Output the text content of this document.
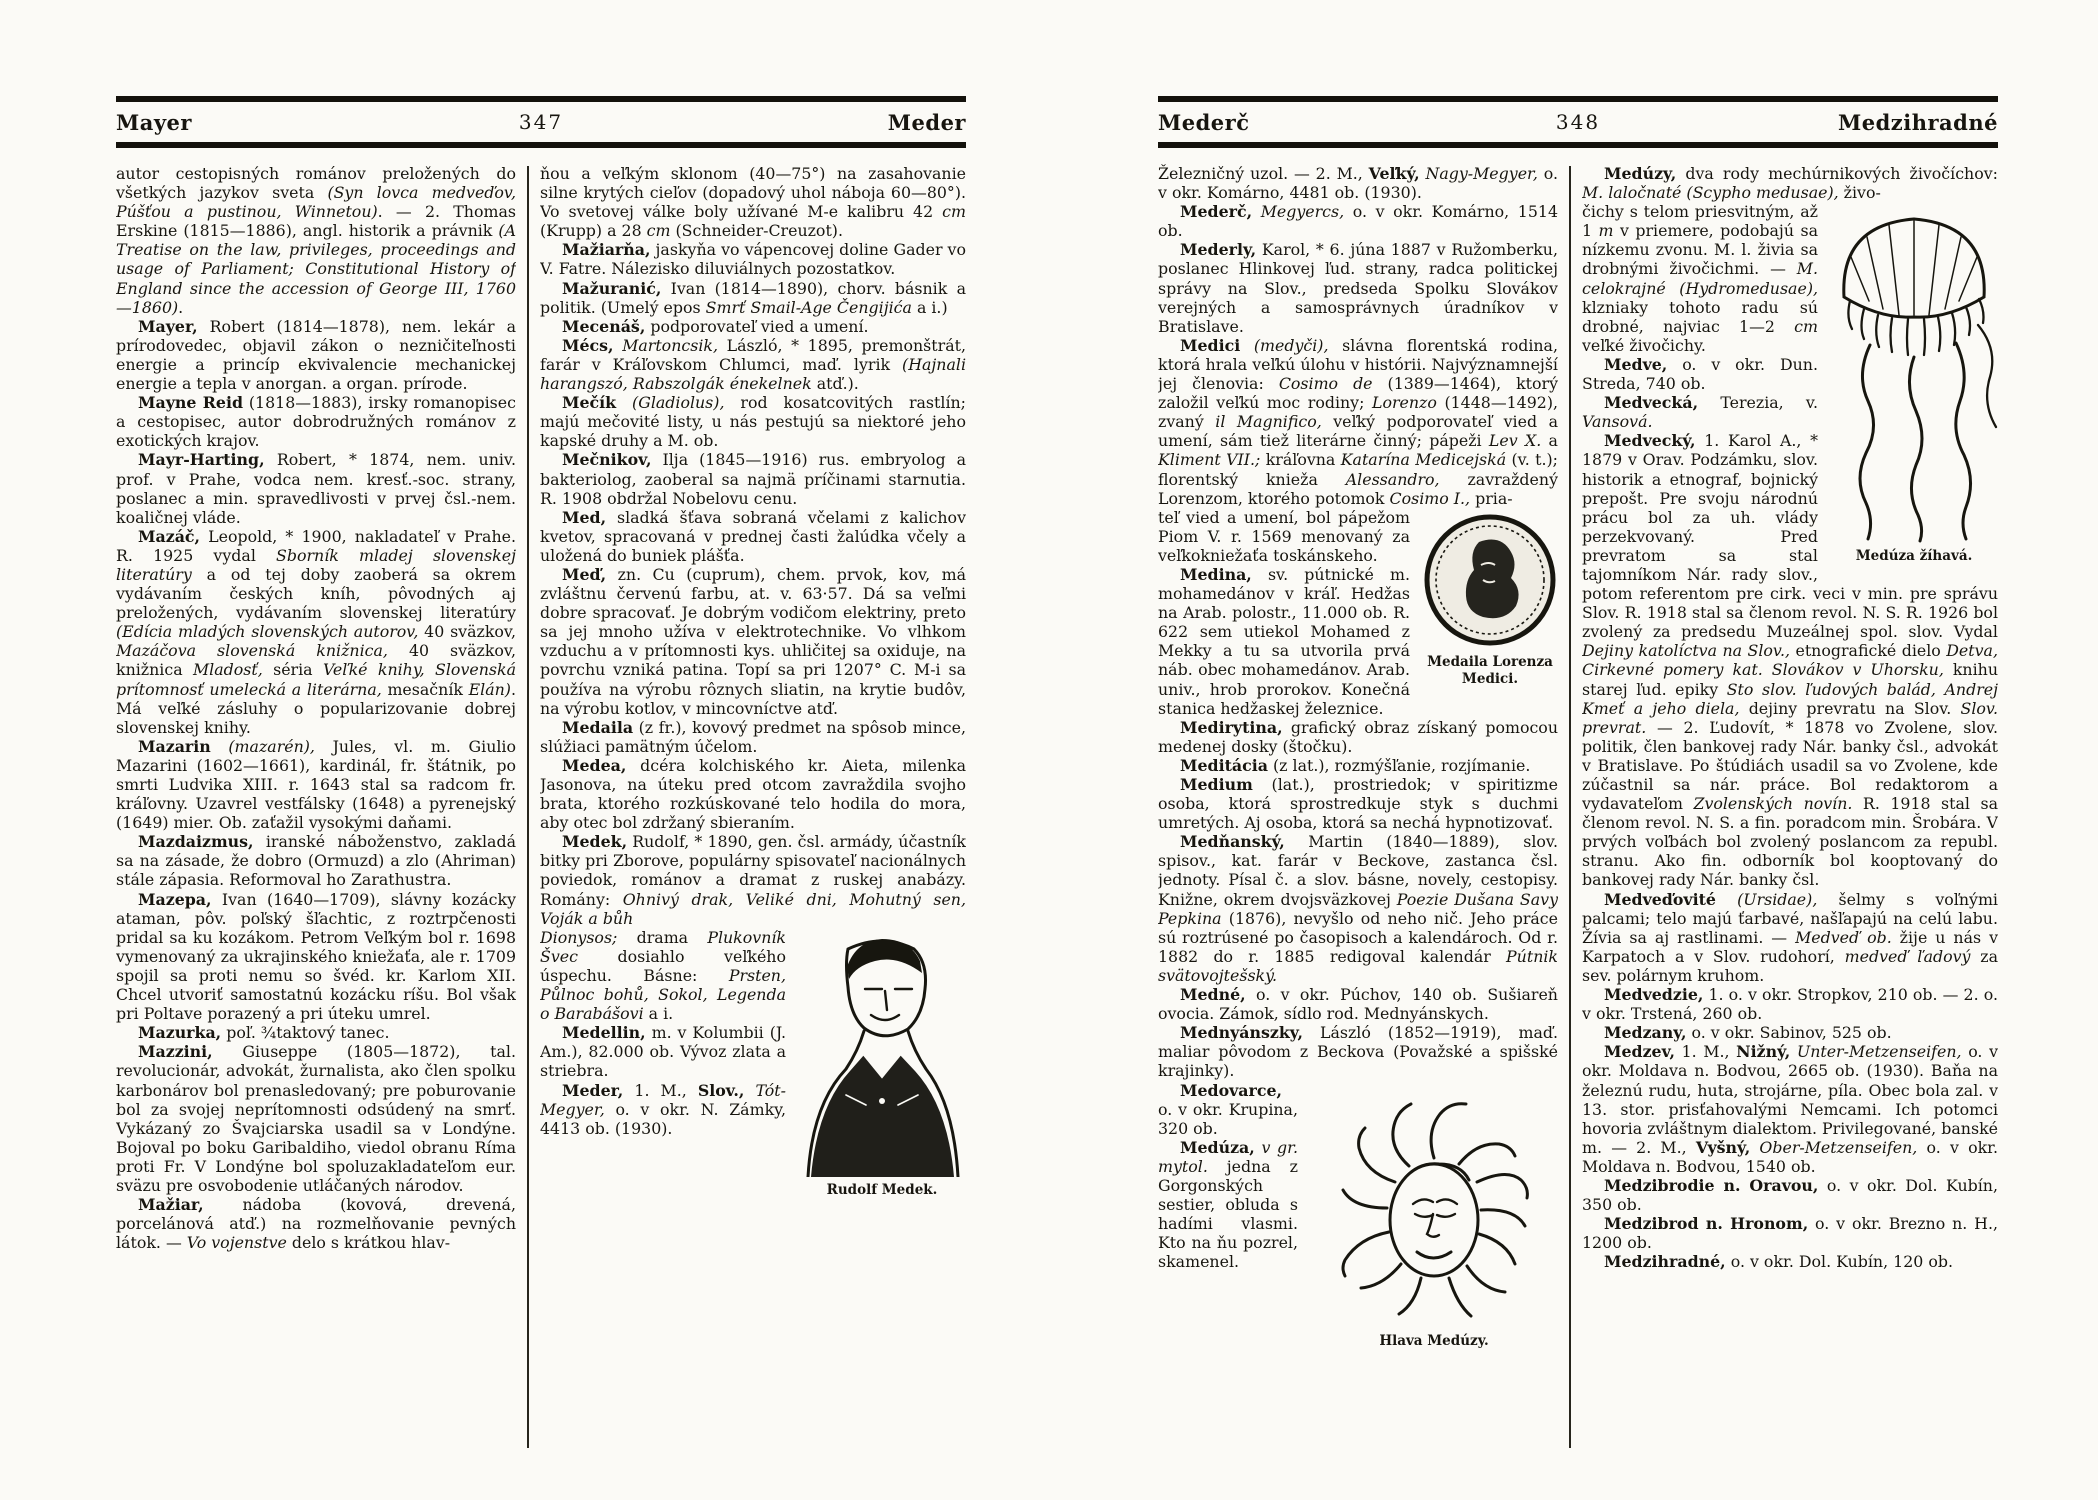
Mayer	347	Meder

autor cestopisných románov preložených do všetkých jazykov sveta (Syn lovca medveďov, Púšťou a pustinou, Winnetou). — 2. Thomas Erskine (1815—1886), angl. historik a právnik (A Treatise on the law, privileges, proceedings and usage of Parliament; Constitutional History of England since the accession of George III, 1760—1860).

Mayer, Robert (1814—1878), nem. lekár a prírodovedec, objavil zákon o nezničiteľnosti energie a princíp ekvivalencie mechanickej energie a tepla v anorgan. a organ. prírode.

Mayne Reid (1818—1883), irsky romanopisec a cestopisec, autor dobrodružných románov z exotických krajov.

Mayr-Harting, Robert, * 1874, nem. univ. prof. v Prahe, vodca nem. kresť.-soc. strany, poslanec a min. spravedlivosti v prvej čsl.-nem. koaličnej vláde.

Mazáč, Leopold, * 1900, nakladateľ v Prahe. R. 1925 vydal Sborník mladej slovenskej literatúry a od tej doby zaoberá sa okrem vydávaním českých kníh, pôvodných aj preložených, vydávaním slovenskej literatúry (Edícia mladých slovenských autorov, 40 sväzkov, Mazáčova slovenská knižnica, 40 sväzkov, knižnica Mladosť, séria Veľké knihy, Slovenská prítomnosť umelecká a literárna, mesačník Elán). Má veľké zásluhy o popularizovanie dobrej slovenskej knihy.

Mazarin (mazarén), Jules, vl. m. Giulio Mazarini (1602—1661), kardinál, fr. štátnik, po smrti Ludvika XIII. r. 1643 stal sa radcom fr. kráľovny. Uzavrel vestfálsky (1648) a pyrenejský (1649) mier. Ob. zaťažil vysokými daňami.

Mazdaizmus, iranské náboženstvo, zakladá sa na zásade, že dobro (Ormuzd) a zlo (Ahriman) stále zápasia. Reformoval ho Zarathustra.

Mazepa, Ivan (1640—1709), slávny kozácky ataman, pôv. poľský šľachtic, z roztrpčenosti pridal sa ku kozákom. Petrom Veľkým bol r. 1698 vymenovaný za ukrajinského kniežaťa, ale r. 1709 spojil sa proti nemu so švéd. kr. Karlom XII. Chcel utvoriť samostatnú kozácku ríšu. Bol však pri Poltave porazený a pri úteku umrel.

Mazurka, poľ. ¾taktový tanec.

Mazzini, Giuseppe (1805—1872), tal. revolucionár, advokát, žurnalista, ako člen spolku karbonárov bol prenasledovaný; pre poburovanie bol za svojej neprítomnosti odsúdený na smrť. Vykázaný zo Švajciarska usadil sa v Londýne. Bojoval po boku Garibaldiho, viedol obranu Ríma proti Fr. V Londýne bol spoluzakladateľom eur. sväzu pre osvobodenie utláčaných národov.

Mažiar, nádoba (kovová, drevená, porcelánová atď.) na rozmelňovanie pevných látok. — Vo vojenstve delo s krátkou hlav-

ňou a veľkým sklonom (40—75°) na zasahovanie silne krytých cieľov (dopadový uhol náboja 60—80°). Vo svetovej válke boly užívané M-e kalibru 42 cm (Krupp) a 28 cm (Schneider-Creuzot).

Mažiarňa, jaskyňa vo vápencovej doline Gader vo V. Fatre. Nálezisko diluviálnych pozostatkov.

Mažuranić, Ivan (1814—1890), chorv. básnik a politik. (Umelý epos Smrť Smail-Age Čengijića a i.)

Mecenáš, podporovateľ vied a umení.

Mécs, Martoncsik, László, * 1895, premonštrát, farár v Kráľovskom Chlumci, maď. lyrik (Hajnali harangszó, Rabszolgák énekelnek atď.).

Mečík (Gladiolus), rod kosatcovitých rastlín; majú mečovité listy, u nás pestujú sa niektoré jeho kapské druhy a M. ob.

Mečnikov, Ilja (1845—1916) rus. embryolog a bakteriolog, zaoberal sa najmä príčinami starnutia. R. 1908 obdržal Nobelovu cenu.

Med, sladká šťava sobraná včelami z kalichov kvetov, spracovaná v prednej časti žalúdka včely a uložená do buniek plášťa.

Meď, zn. Cu (cuprum), chem. prvok, kov, má zvláštnu červenú farbu, at. v. 63·57. Dá sa veľmi dobre spracovať. Je dobrým vodičom elektriny, preto sa jej mnoho užíva v elektrotechnike. Vo vlhkom vzduchu a v prítomnosti kys. uhličitej sa oxiduje, na povrchu vzniká patina. Topí sa pri 1207° C. M-i sa používa na výrobu rôznych sliatin, na krytie budôv, na výrobu kotlov, v mincovníctve atď.

Medaila (z fr.), kovový predmet na spôsob mince, slúžiaci pamätným účelom.

Medea, dcéra kolchiského kr. Aieta, milenka Jasonova, na úteku pred otcom zavraždila svojho brata, ktorého rozkúskované telo hodila do mora, aby otec bol zdržaný sbieraním.

Medek, Rudolf, * 1890, gen. čsl. armády, účastník bitky pri Zborove, populárny spisovateľ nacionálnych poviedok, románov a dramat z ruskej anabázy. Romány: Ohnivý drak, Veliké dni, Mohutný sen, Voják a bůh

Rudolf Medek.

Dionysos; drama Plukovník Švec dosiahlo veľkého úspechu. Básne: Prsten, Půlnoc bohů, Sokol, Legenda o Barabášovi a i.

Medellin, m. v Kolumbii (J. Am.), 82.000 ob. Vývoz zlata a striebra.

Meder, 1. M., Slov., Tót-Megyer, o. v okr. N. Zámky, 4413 ob. (1930).

Mederč	348	Medzihradné

Železničný uzol. — 2. M., Veľký, Nagy-Megyer, o. v okr. Komárno, 4481 ob. (1930).

Mederč, Megyercs, o. v okr. Komárno, 1514 ob.

Mederly, Karol, * 6. júna 1887 v Ružomberku, poslanec Hlinkovej ľud. strany, radca politickej správy na Slov., predseda Spolku Slovákov verejných a samosprávnych úradníkov v Bratislave.

Medici (medyči), slávna florentská rodina, ktorá hrala veľkú úlohu v histórii. Najvýznamnejší jej členovia: Cosimo de (1389—1464), ktorý založil veľkú moc rodiny; Lorenzo (1448—1492), zvaný il Magnifico, veľký podporovateľ vied a umení, sám tiež literárne činný; pápeži Lev X. a Kliment VII.; kráľovna Katarína Medicejská (v. t.); florentský knieža Alessandro, zavraždený Lorenzom, ktorého potomok Cosimo I., pria-

Medaila Lorenza Medici.

teľ vied a umení, bol pápežom Piom V. r. 1569 menovaný za veľkokniežaťa toskánskeho.

Medina, sv. pútnické m. mohamedánov v kráľ. Hedžas na Arab. polostr., 11.000 ob. R. 622 sem utiekol Mohamed z Mekky a tu sa utvorila prvá náb. obec mohamedánov. Arab. univ., hrob prorokov. Konečná stanica hedžaskej železnice.

Medirytina, grafický obraz získaný pomocou medenej dosky (štočku).

Meditácia (z lat.), rozmýšľanie, rozjímanie.

Medium (lat.), prostriedok; v spiritizme osoba, ktorá sprostredkuje styk s duchmi umretých. Aj osoba, ktorá sa nechá hypnotizovať.

Medňanský, Martin (1840—1889), slov. spisov., kat. farár v Beckove, zastanca čsl. jednoty. Písal č. a slov. básne, novely, cestopisy. Knižne, okrem dvojsväzkovej Poezie Dušana Savy Pepkina (1876), nevyšlo od neho nič. Jeho práce sú roztrúsené po časopisoch a kalendároch. Od r. 1882 do r. 1885 redigoval kalendár Pútnik svätovojtešský.

Medné, o. v okr. Púchov, 140 ob. Sušiareň ovocia. Zámok, sídlo rod. Mednyánskych.

Mednyánszky, László (1852—1919), maď. maliar pôvodom z Beckova (Považské a spišské krajinky).

Hlava Medúzy.

Medovarce, o. v okr. Krupina, 320 ob.

Medúza, v gr. mytol. jedna z Gorgonských sestier, obluda s hadími vlasmi. Kto na ňu pozrel, skamenel.

Medúzy, dva rody mechúrnikových živočíchov: M. laločnaté (Scypho medusae), živo-

Medúza žíhavá.

čichy s telom priesvitným, až 1 m v priemere, podobajú sa nízkemu zvonu. M. l. živia sa drobnými živočichmi. — M. celokrajné (Hydromedusae), klzniaky tohoto radu sú drobné, najviac 1—2 cm veľké živočichy.

Medve, o. v okr. Dun. Streda, 740 ob.

Medvecká, Terezia, v. Vansová.

Medvecký, 1. Karol A., * 1879 v Orav. Podzámku, slov. historik a etnograf, bojnický prepošt. Pre svoju národnú prácu bol za uh. vlády perzekvovaný. Pred prevratom sa stal tajomníkom Nár. rady slov., potom referentom pre cirk. veci v min. pre správu Slov. R. 1918 stal sa členom revol. N. S. R. 1926 bol zvolený za predsedu Muzeálnej spol. slov. Vydal Dejiny katolíctva na Slov., etnografické dielo Detva, Cirkevné pomery kat. Slovákov v Uhorsku, knihu starej ľud. epiky Sto slov. ľudových balád, Andrej Kmeť a jeho diela, dejiny prevratu na Slov. Slov. prevrat. — 2. Ľudovít, * 1878 vo Zvolene, slov. politik, člen bankovej rady Nár. banky čsl., advokát v Bratislave. Po štúdiách usadil sa vo Zvolene, kde zúčastnil sa nár. práce. Bol redaktorom a vydavateľom Zvolenských novín. R. 1918 stal sa členom revol. N. S. a fin. poradcom min. Šrobára. V prvých voľbách bol zvolený poslancom za republ. stranu. Ako fin. odborník bol kooptovaný do bankovej rady Nár. banky čsl.

Medveďovité (Ursidae), šelmy s voľnými palcami; telo majú ťarbavé, našľapajú na celú labu. Žívia sa aj rastlinami. — Medveď ob. žije u nás v Karpatoch a v Slov. rudohorí, medveď ľadový za sev. polárnym kruhom.

Medvedzie, 1. o. v okr. Stropkov, 210 ob. — 2. o. v okr. Trstená, 260 ob.

Medzany, o. v okr. Sabinov, 525 ob.

Medzev, 1. M., Nižný, Unter-Metzenseifen, o. v okr. Moldava n. Bodvou, 2665 ob. (1930). Baňa na železnú rudu, huta, strojárne, píla. Obec bola zal. v 13. stor. prisťahovalými Nemcami. Ich potomci hovoria zvláštnym dialektom. Privilegované, banské m. — 2. M., Vyšný, Ober-Metzenseifen, o. v okr. Moldava n. Bodvou, 1540 ob.

Medzibrodie n. Oravou, o. v okr. Dol. Kubín, 350 ob.

Medzibrod n. Hronom, o. v okr. Brezno n. H., 1200 ob.

Medzihradné, o. v okr. Dol. Kubín, 120 ob.
